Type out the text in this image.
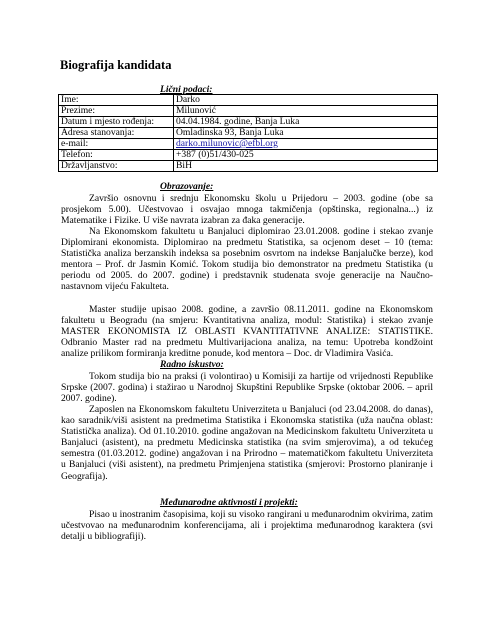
Biografija kandidata
Lični podaci:
Ime:	Darko
Prezime:	Milunović
Datum i mjesto rođenja:	04.04.1984. godine, Banja Luka
Adresa stanovanja:	Omladinska 93, Banja Luka
e-mail:	darko.milunovic@efbl.org
Telefon:	+387 (0)51/430-025
Državljanstvo:	BiH
Obrazovanje:

Završio osnovnu i srednju Ekonomsku školu u Prijedoru – 2003. godine (obe sa prosjekom 5.00). Učestvovao i osvajao mnoga takmičenja (opštinska, regionalna...) iz Matematike i Fizike. U više navrata izabran za đaka generacije.

Na Ekonomskom fakultetu u Banjaluci diplomirao 23.01.2008. godine i stekao zvanje Diplomirani ekonomista. Diplomirao na predmetu Statistika, sa ocjenom deset – 10 (tema: Statistička analiza berzanskih indeksa sa posebnim osvrtom na indekse Banjalučke berze), kod mentora – Prof. dr Jasmin Komić. Tokom studija bio demonstrator na predmetu Statistika (u periodu od 2005. do 2007. godine) i predstavnik studenata svoje generacije na Naučno-nastavnom vijeću Fakulteta.

Master studije upisao 2008. godine, a završio 08.11.2011. godine na Ekonomskom fakultetu u Beogradu (na smjeru: Kvantitativna analiza, modul: Statistika) i stekao zvanje MASTER EKONOMISTA IZ OBLASTI KVANTITATIVNE ANALIZE: STATISTIKE. Odbranio Master rad na predmetu Multivarijaciona analiza, na temu: Upotreba kondžoint analize prilikom formiranja kreditne ponude, kod mentora – Doc. dr Vladimira Vasića.

Radno iskustvo:

Tokom studija bio na praksi (i volontirao) u Komisiji za hartije od vrijednosti Republike Srpske (2007. godina) i stažirao u Narodnoj Skupštini Republike Srpske (oktobar 2006. – april 2007. godine).

Zaposlen na Ekonomskom fakultetu Univerziteta u Banjaluci (od 23.04.2008. do danas), kao saradnik/viši asistent na predmetima Statistika i Ekonomska statistika (uža naučna oblast: Statistička analiza). Od 01.10.2010. godine angažovan na Medicinskom fakultetu Univerziteta u Banjaluci (asistent), na predmetu Medicinska statistika (na svim smjerovima), a od tekućeg semestra (01.03.2012. godine) angažovan i na Prirodno – matematičkom fakultetu Univerziteta u Banjaluci (viši asistent), na predmetu Primjenjena statistika (smjerovi: Prostorno planiranje i Geografija).

Međunarodne aktivnosti i projekti:

Pisao u inostranim časopisima, koji su visoko rangirani u međunarodnim okvirima, zatim učestvovao na međunarodnim konferencijama, ali i projektima međunarodnog karaktera (svi detalji u bibliografiji).
